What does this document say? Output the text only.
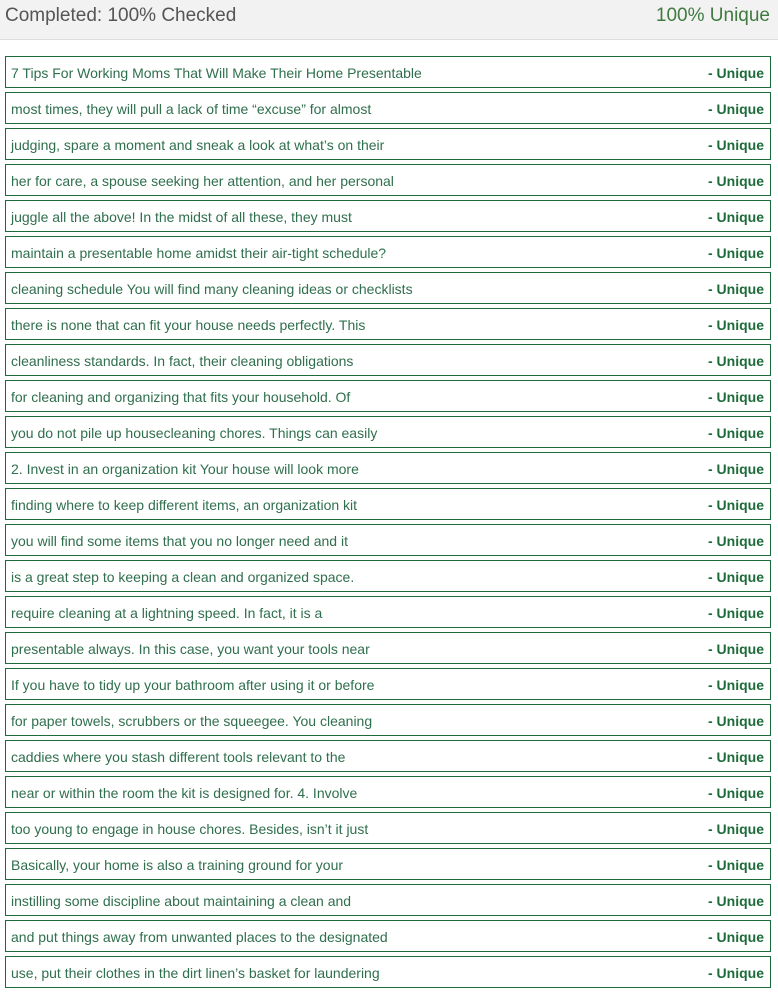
Completed: 100% Checked	100% Unique
7 Tips For Working Moms That Will Make Their Home Presentable	- Unique
most times, they will pull a lack of time “excuse” for almost	- Unique
judging, spare a moment and sneak a look at what’s on their	- Unique
her for care, a spouse seeking her attention, and her personal	- Unique
juggle all the above! In the midst of all these, they must	- Unique
maintain a presentable home amidst their air-tight schedule?	- Unique
cleaning schedule You will find many cleaning ideas or checklists	- Unique
there is none that can fit your house needs perfectly. This	- Unique
cleanliness standards. In fact, their cleaning obligations	- Unique
for cleaning and organizing that fits your household. Of	- Unique
you do not pile up housecleaning chores. Things can easily	- Unique
2. Invest in an organization kit Your house will look more	- Unique
finding where to keep different items, an organization kit	- Unique
you will find some items that you no longer need and it	- Unique
is a great step to keeping a clean and organized space.	- Unique
require cleaning at a lightning speed. In fact, it is a	- Unique
presentable always. In this case, you want your tools near	- Unique
If you have to tidy up your bathroom after using it or before	- Unique
for paper towels, scrubbers or the squeegee. You cleaning	- Unique
caddies where you stash different tools relevant to the	- Unique
near or within the room the kit is designed for. 4. Involve	- Unique
too young to engage in house chores. Besides, isn’t it just	- Unique
Basically, your home is also a training ground for your	- Unique
instilling some discipline about maintaining a clean and	- Unique
and put things away from unwanted places to the designated	- Unique
use, put their clothes in the dirt linen’s basket for laundering	- Unique
